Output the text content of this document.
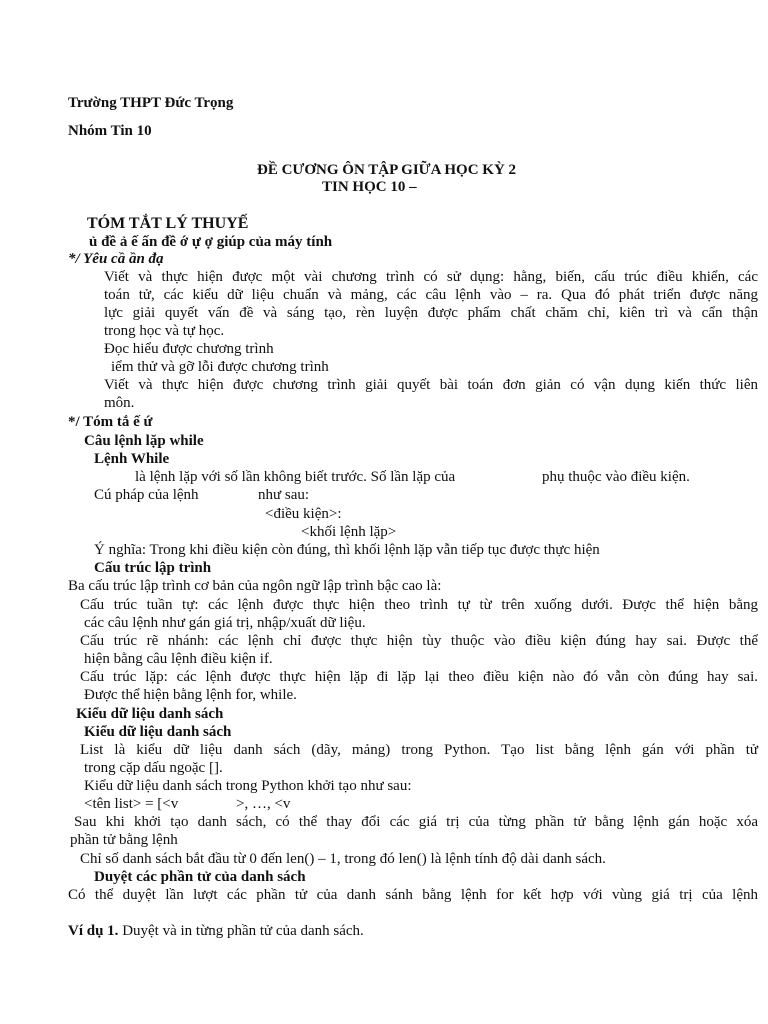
Trường THPT Đức Trọng
Nhóm Tin 10
ĐỀ CƯƠNG ÔN TẬP GIỮA HỌC KỲ 2
TIN HỌC 10 –
TÓM TẮT LÝ THUYẾ
ủ đề ả ế ấn đề ớ ự ợ giúp của máy tính
*/ Yêu cầ ần đạ
Viết và thực hiện được một vài chương trình có sử dụng: hằng, biến, cấu trúc điều khiển, các
toán tử, các kiểu dữ liệu chuẩn và mảng, các câu lệnh vào – ra. Qua đó phát triển được năng
lực giải quyết vấn đề và sáng tạo, rèn luyện được phẩm chất chăm chỉ, kiên trì và cẩn thận
trong học và tự học.
Đọc hiểu được chương trình
iểm thử và gỡ lỗi được chương trình
Viết và thực hiện được chương trình giải quyết bài toán đơn giản có vận dụng kiến thức liên
môn.
*/ Tóm tắ ế ứ
Câu lệnh lặp while
Lệnh While
là lệnh lặp với số lần không biết trước. Số lần lặp của	phụ thuộc vào điều kiện.
Cú pháp của lệnh	như sau:
<điều kiện>:
<khối lệnh lặp>
Ý nghĩa: Trong khi điều kiện còn đúng, thì khối lệnh lặp vẫn tiếp tục được thực hiện
Cấu trúc lập trình
Ba cấu trúc lập trình cơ bản của ngôn ngữ lập trình bậc cao là:
Cấu trúc tuần tự: các lệnh được thực hiện theo trình tự từ trên xuống dưới. Được thể hiện bằng
các câu lệnh như gán giá trị, nhập/xuất dữ liệu.
Cấu trúc rẽ nhánh: các lệnh chỉ được thực hiện tùy thuộc vào điều kiện đúng hay sai. Được thể
hiện bằng câu lệnh điều kiện if.
Cấu trúc lặp: các lệnh được thực hiện lặp đi lặp lại theo điều kiện nào đó vẫn còn đúng hay sai.
Được thể hiện bằng lệnh for, while.
Kiểu dữ liệu danh sách
Kiểu dữ liệu danh sách
List là kiểu dữ liệu danh sách (dãy, mảng) trong Python. Tạo list bằng lệnh gán với phần tử
trong cặp dấu ngoặc [].
Kiểu dữ liệu danh sách trong Python khởi tạo như sau:
<tên list> = [<v	>, …, <v
Sau khi khởi tạo danh sách, có thể thay đổi các giá trị của từng phần tử bằng lệnh gán hoặc xóa
phần tử bằng lệnh
Chỉ số danh sách bắt đầu từ 0 đến len() – 1, trong đó len() là lệnh tính độ dài danh sách.
Duyệt các phần tử của danh sách
Có thể duyệt lần lượt các phần tử của danh sánh bằng lệnh for kết hợp với vùng giá trị của lệnh
Ví dụ 1. Duyệt và in từng phần tử của danh sách.
